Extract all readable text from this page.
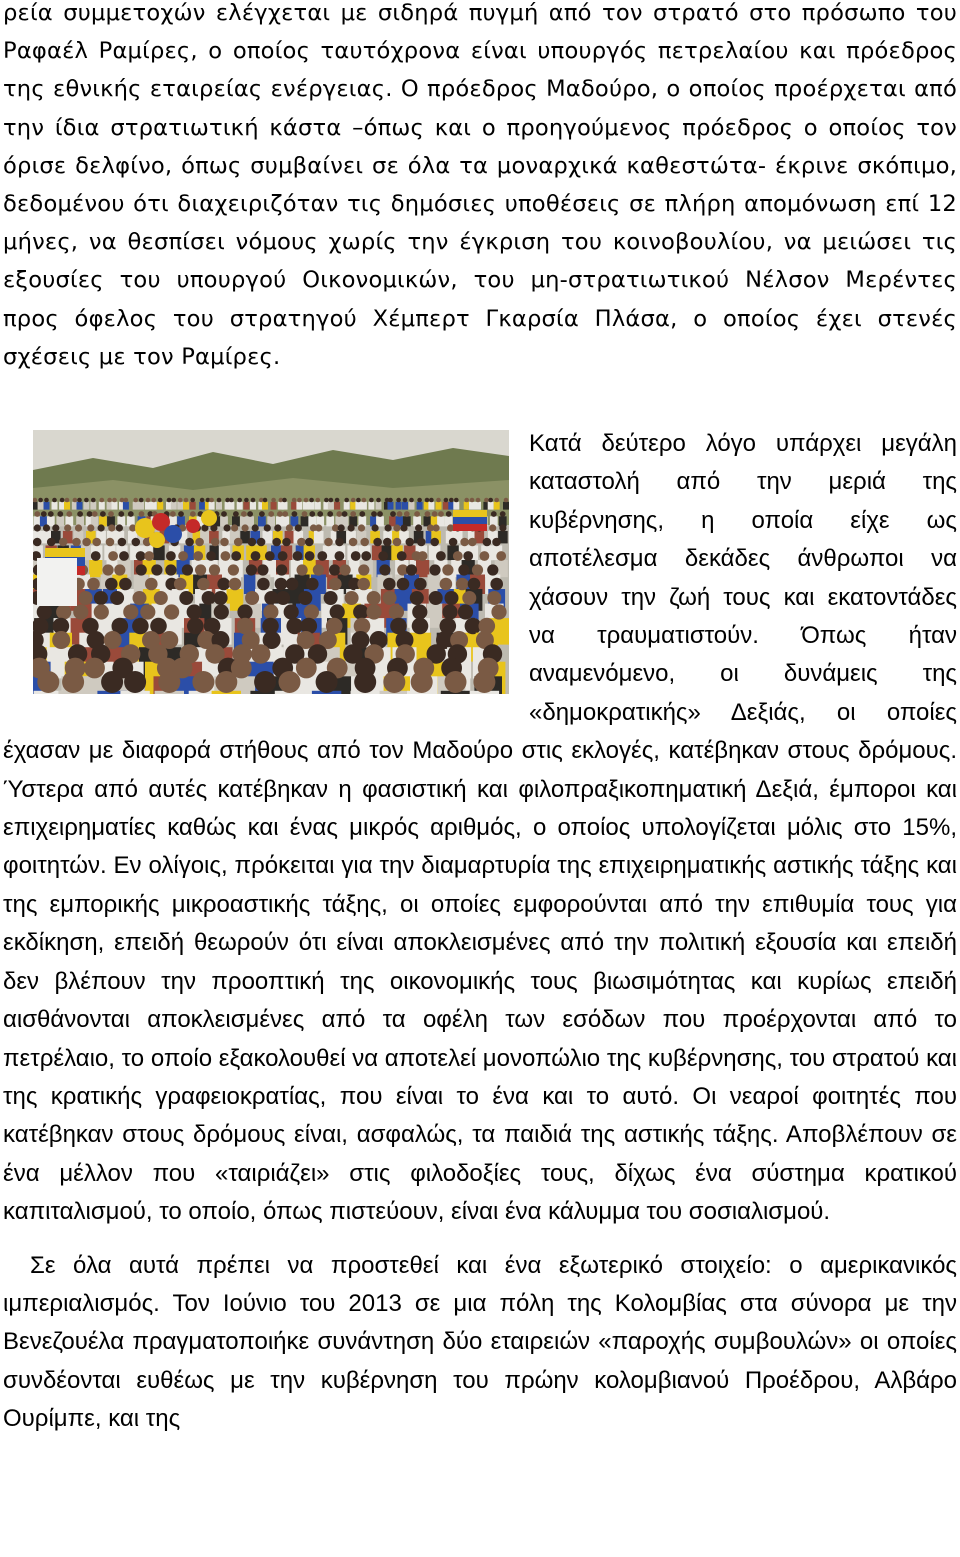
ρεία συμμετοχών ελέγχεται με σιδηρά πυγμή από τον στρατό στο πρόσωπο του Ραφαέλ Ραμίρες, ο οποίος ταυτόχρονα είναι υπουργός πετρελαίου και πρόεδρος της εθνικής εταιρείας ενέργειας. Ο πρόεδρος Μαδούρο, ο οποίος προέρχεται από την ίδια στρατιωτική κάστα –όπως και ο προηγούμενος πρόεδρος ο οποίος τον όρισε δελφίνο, όπως συμβαίνει σε όλα τα μοναρχικά καθεστώτα- έκρινε σκόπιμο, δεδομένου ότι διαχειριζόταν τις δημόσιες υποθέσεις σε πλήρη απομόνωση επί 12 μήνες, να θεσπίσει νόμους χωρίς την έγκριση του κοινοβουλίου, να μειώσει τις εξουσίες του υπουργού Οικονομικών, του μη-στρατιωτικού Νέλσον Μερέντες προς όφελος του στρατηγού Χέμπερτ Γκαρσία Πλάσα, ο οποίος έχει στενές σχέσεις με τον Ραμίρες.

Κατά δεύτερο λόγο υπάρχει μεγάλη καταστολή από την μεριά της κυβέρνησης, η οποία είχε ως αποτέλεσμα δεκάδες άνθρωποι να χάσουν την ζωή τους και εκατοντάδες να τραυματιστούν. Όπως ήταν αναμενόμενο, οι δυνάμεις της «δημοκρατικής» Δεξιάς, οι οποίες έχασαν με διαφορά στήθους από τον Μαδούρο στις εκλογές, κατέβηκαν στους δρόμους. Ύστερα από αυτές κατέβηκαν η φασιστική και φιλοπραξικοπηματική Δεξιά, έμποροι και επιχειρηματίες καθώς και ένας μικρός αριθμός, ο οποίος υπολογίζεται μόλις στο 15%, φοιτητών. Εν ολίγοις, πρόκειται για την διαμαρτυρία της επιχειρηματικής αστικής τάξης και της εμπορικής μικροαστικής τάξης, οι οποίες εμφορούνται από την επιθυμία τους για εκδίκηση, επειδή θεωρούν ότι είναι αποκλεισμένες από την πολιτική εξουσία και επειδή δεν βλέπουν την προοπτική της οικονομικής τους βιωσιμότητας και κυρίως επειδή αισθάνονται αποκλεισμένες από τα οφέλη των εσόδων που προέρχονται από το πετρέλαιο, το οποίο εξακολουθεί να αποτελεί μονοπώλιο της κυβέρνησης, του στρατού και της κρατικής γραφειοκρατίας, που είναι το ένα και το αυτό. Οι νεαροί φοιτητές που κατέβηκαν στους δρόμους είναι, ασφαλώς, τα παιδιά της αστικής τάξης. Αποβλέπουν σε ένα μέλλον που «ταιριάζει» στις φιλοδοξίες τους, δίχως ένα σύστημα κρατικού καπιταλισμού, το οποίο, όπως πιστεύουν, είναι ένα κάλυμμα του σοσιαλισμού.

Σε όλα αυτά πρέπει να προστεθεί και ένα εξωτερικό στοιχείο: ο αμερικανικός ιμπεριαλισμός. Τον Ιούνιο του 2013 σε μια πόλη της Κολομβίας στα σύνορα με την Βενεζουέλα πραγματοποιήκε συνάντηση δύο εταιρειών «παροχής συμβουλών» οι οποίες συνδέονται ευθέως με την κυβέρνηση του πρώην κολομβιανού Προέδρου, Αλβάρο Ουρίμπε, και της
